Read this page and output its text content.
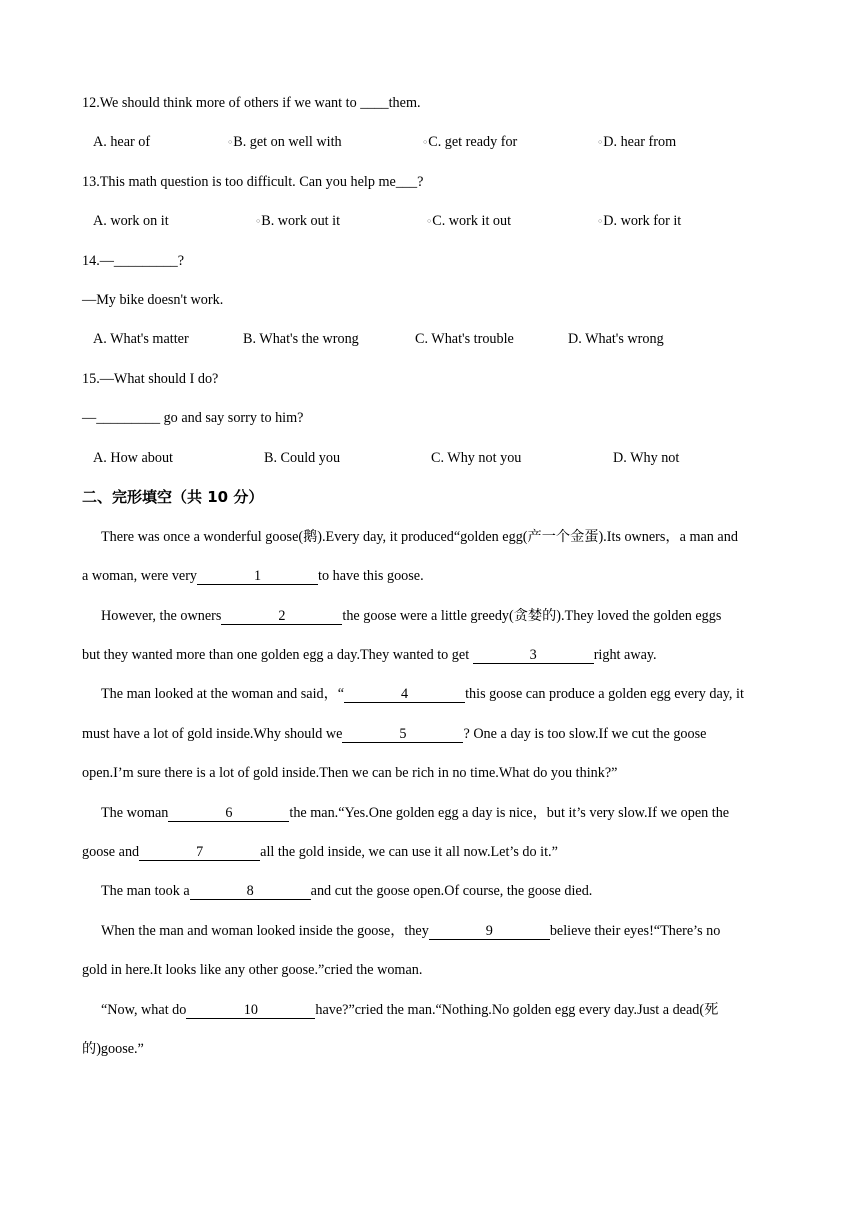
12.We should think more of others if we want to ____them.
A. hear of	○B. get on well with	○C. get ready for	○D. hear from
13.This math question is too difficult. Can you help me___?
A. work on it	○B. work out it	○C. work it out	○D. work for it
14.—_________?
—My bike doesn't work.
A. What's matter	B. What's the wrong	C. What's trouble	D. What's wrong
15.—What should I do?
—_________ go and say sorry to him?
A. How about	B. Could you	C. Why not you	D. Why not
二、完形填空（共 10 分）
There was once a wonderful goose(鹅).Every day, it produced“golden egg(产一个金蛋).Its owners，a man and
a woman, were very	1	to have this goose.
However, the owners	2	the goose were a little greedy(贪婪的).They loved the golden eggs
but they wanted more than one golden egg a day.They wanted to get	3	right away.
The man looked at the woman and said，“	4	this goose can produce a golden egg every day, it
must have a lot of gold inside.Why should we	5	? One a day is too slow.If we cut the goose
open.I’m sure there is a lot of gold inside.Then we can be rich in no time.What do you think?”
The woman	6	the man.“Yes.One golden egg a day is nice，but it’s very slow.If we open the
goose and	7	all the gold inside, we can use it all now.Let’s do it.”
The man took a	8	and cut the goose open.Of course, the goose died.
When the man and woman looked inside the goose，they	9	believe their eyes!“There’s no
gold in here.It looks like any other goose.”cried the woman.
“Now, what do	10	have?”cried the man.“Nothing.No golden egg every day.Just a dead(死
的)goose.”
